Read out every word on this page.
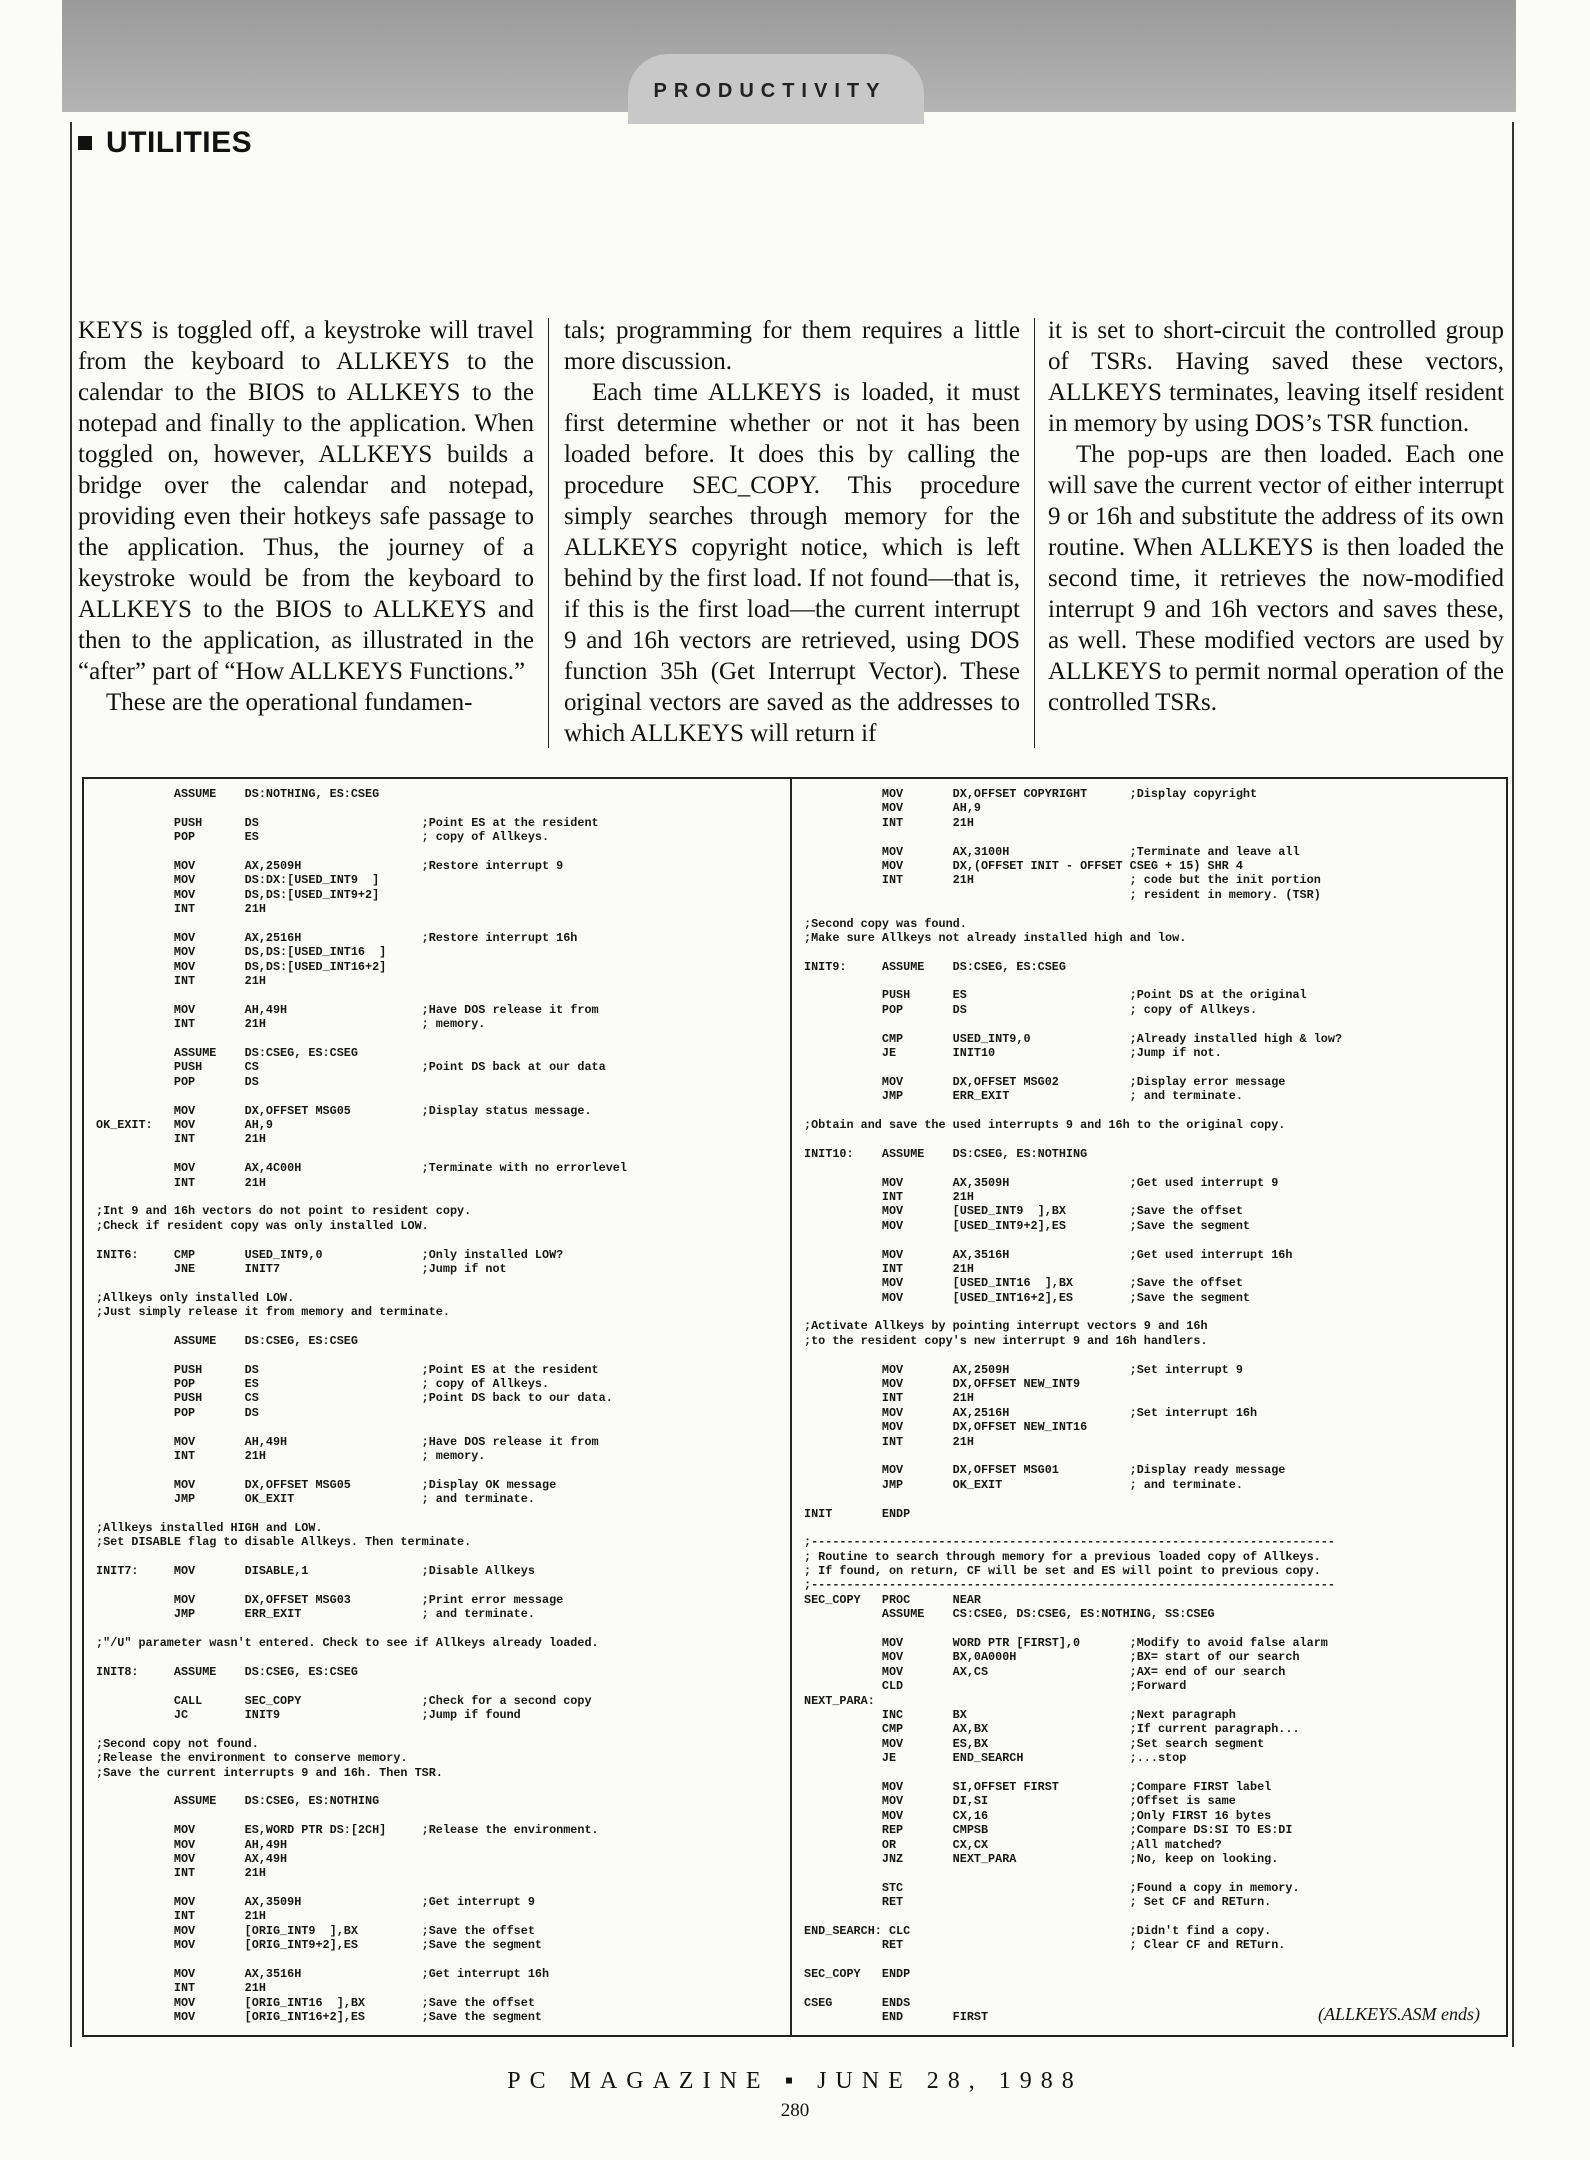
PRODUCTIVITY
UTILITIES

KEYS is toggled off, a keystroke will travel from the keyboard to ALLKEYS to the calendar to the BIOS to ALLKEYS to the notepad and finally to the application. When toggled on, however, ALLKEYS builds a bridge over the calendar and notepad, providing even their hotkeys safe passage to the application. Thus, the journey of a keystroke would be from the keyboard to ALLKEYS to the BIOS to ALLKEYS and then to the application, as illustrated in the “after” part of “How ALLKEYS Functions.”

These are the operational fundamen-

tals; programming for them requires a little more discussion.

Each time ALLKEYS is loaded, it must first determine whether or not it has been loaded before. It does this by calling the procedure SEC_COPY. This procedure simply searches through memory for the ALLKEYS copyright notice, which is left behind by the first load. If not found—that is, if this is the first load—the current interrupt 9 and 16h vectors are retrieved, using DOS function 35h (Get Interrupt Vector). These original vectors are saved as the addresses to which ALLKEYS will return if

it is set to short-circuit the controlled group of TSRs. Having saved these vectors, ALLKEYS terminates, leaving itself resident in memory by using DOS’s TSR function.

The pop-ups are then loaded. Each one will save the current vector of either interrupt 9 or 16h and substitute the address of its own routine. When ALLKEYS is then loaded the second time, it retrieves the now-modified interrupt 9 and 16h vectors and saves these, as well. These modified vectors are used by ALLKEYS to permit normal operation of the controlled TSRs.

ASSUME    DS:NOTHING, ES:CSEG
PUSH      DS                       ;Point ES at the resident
POP       ES                       ; copy of Allkeys.
MOV       AX,2509H                 ;Restore interrupt 9
MOV       DS:DX:[USED_INT9  ]
MOV       DS,DS:[USED_INT9+2]
INT       21H
MOV       AX,2516H                 ;Restore interrupt 16h
MOV       DS,DS:[USED_INT16  ]
MOV       DS,DS:[USED_INT16+2]
INT       21H
MOV       AH,49H                   ;Have DOS release it from
INT       21H                      ; memory.
ASSUME    DS:CSEG, ES:CSEG
PUSH      CS                       ;Point DS back at our data
POP       DS
MOV       DX,OFFSET MSG05          ;Display status message.
OK_EXIT:   MOV       AH,9
INT       21H
MOV       AX,4C00H                 ;Terminate with no errorlevel
INT       21H
;Int 9 and 16h vectors do not point to resident copy.
;Check if resident copy was only installed LOW.
INIT6:     CMP       USED_INT9,0              ;Only installed LOW?
JNE       INIT7                    ;Jump if not
;Allkeys only installed LOW.
;Just simply release it from memory and terminate.
ASSUME    DS:CSEG, ES:CSEG
PUSH      DS                       ;Point ES at the resident
POP       ES                       ; copy of Allkeys.
PUSH      CS                       ;Point DS back to our data.
POP       DS
MOV       AH,49H                   ;Have DOS release it from
INT       21H                      ; memory.
MOV       DX,OFFSET MSG05          ;Display OK message
JMP       OK_EXIT                  ; and terminate.
;Allkeys installed HIGH and LOW.
;Set DISABLE flag to disable Allkeys. Then terminate.
INIT7:     MOV       DISABLE,1                ;Disable Allkeys
MOV       DX,OFFSET MSG03          ;Print error message
JMP       ERR_EXIT                 ; and terminate.
;"/U" parameter wasn't entered. Check to see if Allkeys already loaded.
INIT8:     ASSUME    DS:CSEG, ES:CSEG
CALL      SEC_COPY                 ;Check for a second copy
JC        INIT9                    ;Jump if found
;Second copy not found.
;Release the environment to conserve memory.
;Save the current interrupts 9 and 16h. Then TSR.
ASSUME    DS:CSEG, ES:NOTHING
MOV       ES,WORD PTR DS:[2CH]     ;Release the environment.
MOV       AH,49H
MOV       AX,49H
INT       21H
MOV       AX,3509H                 ;Get interrupt 9
INT       21H
MOV       [ORIG_INT9  ],BX         ;Save the offset
MOV       [ORIG_INT9+2],ES         ;Save the segment
MOV       AX,3516H                 ;Get interrupt 16h
INT       21H
MOV       [ORIG_INT16  ],BX        ;Save the offset
MOV       [ORIG_INT16+2],ES        ;Save the segment
MOV       DX,OFFSET COPYRIGHT      ;Display copyright
MOV       AH,9
INT       21H
MOV       AX,3100H                 ;Terminate and leave all
MOV       DX,(OFFSET INIT - OFFSET CSEG + 15) SHR 4
INT       21H                      ; code but the init portion
; resident in memory. (TSR)
;Second copy was found.
;Make sure Allkeys not already installed high and low.
INIT9:     ASSUME    DS:CSEG, ES:CSEG
PUSH      ES                       ;Point DS at the original
POP       DS                       ; copy of Allkeys.
CMP       USED_INT9,0              ;Already installed high & low?
JE        INIT10                   ;Jump if not.
MOV       DX,OFFSET MSG02          ;Display error message
JMP       ERR_EXIT                 ; and terminate.
;Obtain and save the used interrupts 9 and 16h to the original copy.
INIT10:    ASSUME    DS:CSEG, ES:NOTHING
MOV       AX,3509H                 ;Get used interrupt 9
INT       21H
MOV       [USED_INT9  ],BX         ;Save the offset
MOV       [USED_INT9+2],ES         ;Save the segment
MOV       AX,3516H                 ;Get used interrupt 16h
INT       21H
MOV       [USED_INT16  ],BX        ;Save the offset
MOV       [USED_INT16+2],ES        ;Save the segment
;Activate Allkeys by pointing interrupt vectors 9 and 16h
;to the resident copy's new interrupt 9 and 16h handlers.
MOV       AX,2509H                 ;Set interrupt 9
MOV       DX,OFFSET NEW_INT9
INT       21H
MOV       AX,2516H                 ;Set interrupt 16h
MOV       DX,OFFSET NEW_INT16
INT       21H
MOV       DX,OFFSET MSG01          ;Display ready message
JMP       OK_EXIT                  ; and terminate.
INIT       ENDP
;--------------------------------------------------------------------------
; Routine to search through memory for a previous loaded copy of Allkeys.
; If found, on return, CF will be set and ES will point to previous copy.
;--------------------------------------------------------------------------
SEC_COPY   PROC      NEAR
ASSUME    CS:CSEG, DS:CSEG, ES:NOTHING, SS:CSEG
MOV       WORD PTR [FIRST],0       ;Modify to avoid false alarm
MOV       BX,0A000H                ;BX= start of our search
MOV       AX,CS                    ;AX= end of our search
CLD                                ;Forward
NEXT_PARA:
INC       BX                       ;Next paragraph
CMP       AX,BX                    ;If current paragraph...
MOV       ES,BX                    ;Set search segment
JE        END_SEARCH               ;...stop
MOV       SI,OFFSET FIRST          ;Compare FIRST label
MOV       DI,SI                    ;Offset is same
MOV       CX,16                    ;Only FIRST 16 bytes
REP       CMPSB                    ;Compare DS:SI TO ES:DI
OR        CX,CX                    ;All matched?
JNZ       NEXT_PARA                ;No, keep on looking.
STC                                ;Found a copy in memory.
RET                                ; Set CF and RETurn.
END_SEARCH: CLC                               ;Didn't find a copy.
RET                                ; Clear CF and RETurn.
SEC_COPY   ENDP
CSEG       ENDS
END       FIRST	(ALLKEYS.ASM ends)
PC MAGAZINE ▪ JUNE 28, 1988
280
